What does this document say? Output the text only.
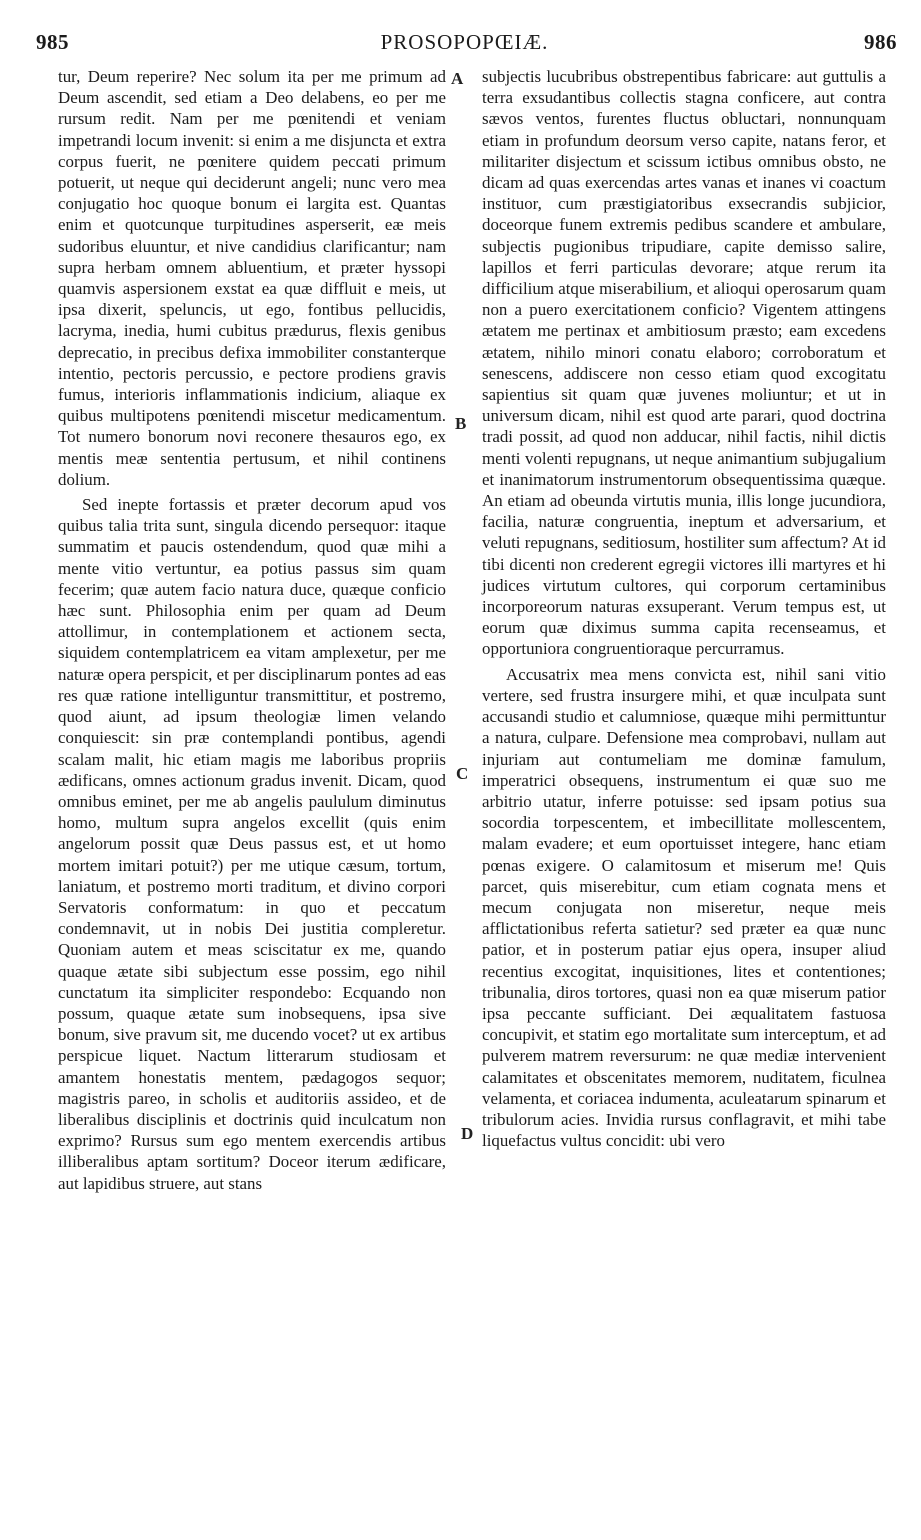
985	PROSOPOPŒIÆ.	986

tur, Deum reperire? Nec solum ita per me primum ad Deum ascendit, sed etiam a Deo delabens, eo per me rursum redit. Nam per me pœnitendi et veniam impetrandi locum invenit: si enim a me disjuncta et extra corpus fuerit, ne pœnitere quidem peccati primum potuerit, ut neque qui deciderunt angeli; nunc vero mea conjugatio hoc quoque bonum ei largita est. Quantas enim et quotcunque turpitudines asperserit, eæ meis sudoribus eluuntur, et nive candidius clarificantur; nam supra herbam omnem abluentium, et præter hyssopi quamvis aspersionem exstat ea quæ diffluit e meis, ut ipsa dixerit, speluncis, ut ego, fontibus pellucidis, lacryma, inedia, humi cubitus prædurus, flexis genibus deprecatio, in precibus defixa immobiliter constanterque intentio, pectoris percussio, e pectore prodiens gravis fumus, interioris inflammationis indicium, aliaque ex quibus multipotens pœnitendi miscetur medicamentum. Tot numero bonorum novi reconere thesauros ego, ex mentis meæ sententia pertusum, et nihil continens dolium.

Sed inepte fortassis et præter decorum apud vos quibus talia trita sunt, singula dicendo persequor: itaque summatim et paucis ostendendum, quod quæ mihi a mente vitio vertuntur, ea potius passus sim quam fecerim; quæ autem facio natura duce, quæque conficio hæc sunt. Philosophia enim per quam ad Deum attollimur, in contemplationem et actionem secta, siquidem contemplatricem ea vitam amplexetur, per me naturæ opera perspicit, et per disciplinarum pontes ad eas res quæ ratione intelliguntur transmittitur, et postremo, quod aiunt, ad ipsum theologiæ limen velando conquiescit: sin præ contemplandi pontibus, agendi scalam malit, hic etiam magis me laboribus propriis ædificans, omnes actionum gradus invenit. Dicam, quod omnibus eminet, per me ab angelis paululum diminutus homo, multum supra angelos excellit (quis enim angelorum possit quæ Deus passus est, et ut homo mortem imitari potuit?) per me utique cæsum, tortum, laniatum, et postremo morti traditum, et divino corpori Servatoris conformatum: in quo et peccatum condemnavit, ut in nobis Dei justitia compleretur. Quoniam autem et meas sciscitatur ex me, quando quaque ætate sibi subjectum esse possim, ego nihil cunctatum ita simpliciter respondebo: Ecquando non possum, quaque ætate sum inobsequens, ipsa sive bonum, sive pravum sit, me ducendo vocet? ut ex artibus perspicue liquet. Nactum litterarum studiosam et amantem honestatis mentem, pædagogos sequor; magistris pareo, in scholis et auditoriis assideo, et de liberalibus disciplinis et doctrinis quid inculcatum non exprimo? Rursus sum ego mentem exercendis artibus illiberalibus aptam sortitum? Doceor iterum ædificare, aut lapidibus struere, aut stans

subjectis lucubribus obstrepentibus fabricare: aut guttulis a terra exsudantibus collectis stagna conficere, aut contra sævos ventos, furentes fluctus obluctari, nonnunquam etiam in profundum deorsum verso capite, natans feror, et militariter disjectum et scissum ictibus omnibus obsto, ne dicam ad quas exercendas artes vanas et inanes vi coactum instituor, cum præstigiatoribus exsecrandis subjicior, doceorque funem extremis pedibus scandere et ambulare, subjectis pugionibus tripudiare, capite demisso salire, lapillos et ferri particulas devorare; atque rerum ita difficilium atque miserabilium, et alioqui operosarum quam non a puero exercitationem conficio? Vigentem attingens ætatem me pertinax et ambitiosum præsto; eam excedens ætatem, nihilo minori conatu elaboro; corroboratum et senescens, addiscere non cesso etiam quod excogitatu sapientius sit quam quæ juvenes moliuntur; et ut in universum dicam, nihil est quod arte parari, quod doctrina tradi possit, ad quod non adducar, nihil factis, nihil dictis menti volenti repugnans, ut neque animantium subjugalium et inanimatorum instrumentorum obsequentissima quæque. An etiam ad obeunda virtutis munia, illis longe jucundiora, facilia, naturæ congruentia, ineptum et adversarium, et veluti repugnans, seditiosum, hostiliter sum affectum? At id tibi dicenti non crederent egregii victores illi martyres et hi judices virtutum cultores, qui corporum certaminibus incorporeorum naturas exsuperant. Verum tempus est, ut eorum quæ diximus summa capita recenseamus, et opportuniora congruentioraque percurramus.

Accusatrix mea mens convicta est, nihil sani vitio vertere, sed frustra insurgere mihi, et quæ inculpata sunt accusandi studio et calumniose, quæque mihi permittuntur a natura, culpare. Defensione mea comprobavi, nullam aut injuriam aut contumeliam me dominæ famulum, imperatrici obsequens, instrumentum ei quæ suo me arbitrio utatur, inferre potuisse: sed ipsam potius sua socordia torpescentem, et imbecillitate mollescentem, malam evadere; et eum oportuisset integere, hanc etiam pœnas exigere. O calamitosum et miserum me! Quis parcet, quis miserebitur, cum etiam cognata mens et mecum conjugata non miseretur, neque meis afflictationibus referta satietur? sed præter ea quæ nunc patior, et in posterum patiar ejus opera, insuper aliud recentius excogitat, inquisitiones, lites et contentiones; tribunalia, diros tortores, quasi non ea quæ miserum patior ipsa peccante sufficiant. Dei æqualitatem fastuosa concupivit, et statim ego mortalitate sum interceptum, et ad pulverem matrem reversurum: ne quæ mediæ intervenient calamitates et obscenitates memorem, nuditatem, ficulnea velamenta, et coriacea indumenta, aculeatarum spinarum et tribulorum acies. Invidia rursus conflagravit, et mihi tabe liquefactus vultus concidit: ubi vero

A
B
C
D
